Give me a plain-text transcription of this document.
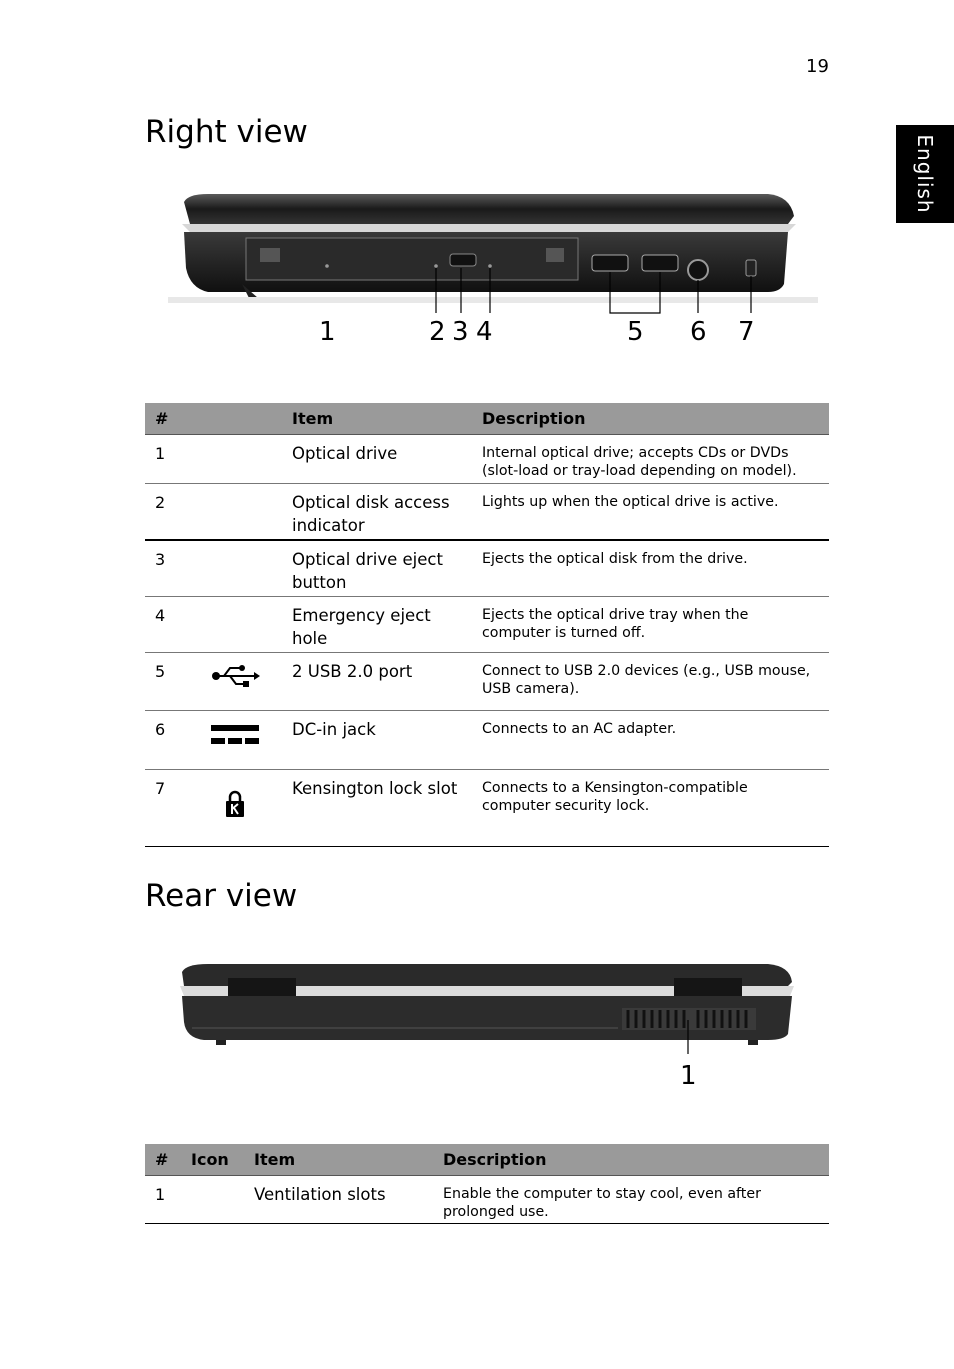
19
English
Right view
1	2 3 4	5 6 7
#		Item	Description
1		Optical drive	Internal optical drive; accepts CDs or DVDs (slot-load or tray-load depending on model).
2		Optical disk access indicator	Lights up when the optical drive is active.
3		Optical drive eject button	Ejects the optical disk from the drive.
4		Emergency eject hole	Ejects the optical drive tray when the computer is turned off.
5		2 USB 2.0 port	Connect to USB 2.0 devices (e.g., USB mouse, USB camera).
6		DC-in jack	Connects to an AC adapter.
7		Kensington lock slot	Connects to a Kensington-compatible computer security lock.
Rear view
1
#	Icon	Item	Description
1		Ventilation slots	Enable the computer to stay cool, even after prolonged use.
